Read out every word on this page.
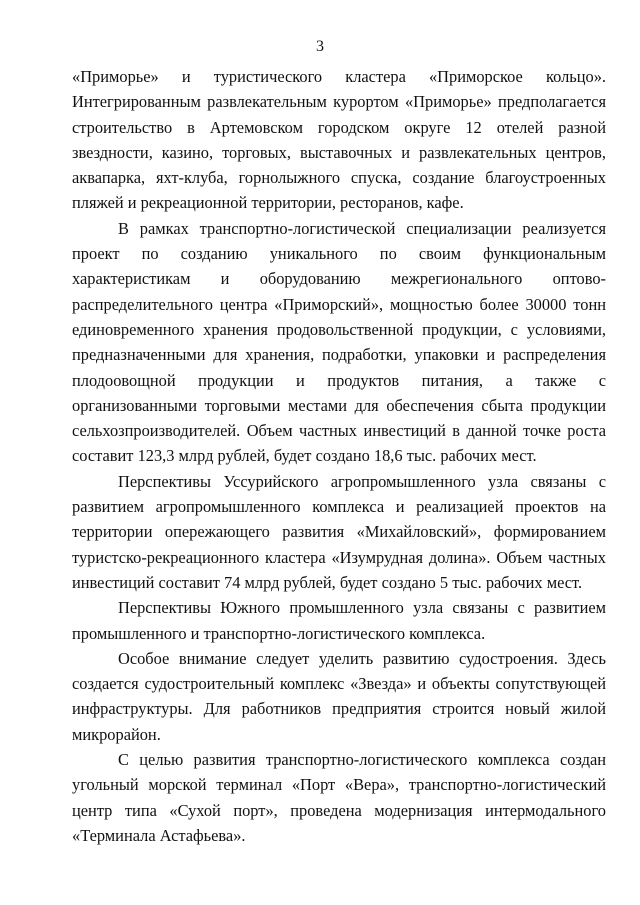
3

«Приморье» и туристического кластера «Приморское кольцо». Интегрированным развлекательным курортом «Приморье» предполагается строительство в Артемовском городском округе 12 отелей разной звездности, казино, торговых, выставочных и развлекательных центров, аквапарка, яхт-клуба, горнолыжного спуска, создание благоустроенных пляжей и рекреационной территории, ресторанов, кафе.

В рамках транспортно-логистической специализации реализуется проект по созданию уникального по своим функциональным характеристикам и оборудованию межрегионального оптово-распределительного центра «Приморский», мощностью более 30000 тонн единовременного хранения продовольственной продукции, с условиями, предназначенными для хранения, подработки, упаковки и распределения плодоовощной продукции и продуктов питания, а также с организованными торговыми местами для обеспечения сбыта продукции сельхозпроизводителей. Объем частных инвестиций в данной точке роста составит 123,3 млрд рублей, будет создано 18,6 тыс. рабочих мест.

Перспективы Уссурийского агропромышленного узла связаны с развитием агропромышленного комплекса и реализацией проектов на территории опережающего развития «Михайловский», формированием туристско-рекреационного кластера «Изумрудная долина». Объем частных инвестиций составит 74 млрд рублей, будет создано 5 тыс. рабочих мест.

Перспективы Южного промышленного узла связаны с развитием промышленного и транспортно-логистического комплекса.

Особое внимание следует уделить развитию судостроения. Здесь создается судостроительный комплекс «Звезда» и объекты сопутствующей инфраструктуры. Для работников предприятия строится новый жилой микрорайон.

С целью развития транспортно-логистического комплекса создан угольный морской терминал «Порт «Вера», транспортно-логистический центр типа «Сухой порт», проведена модернизация интермодального «Терминала Астафьева».
